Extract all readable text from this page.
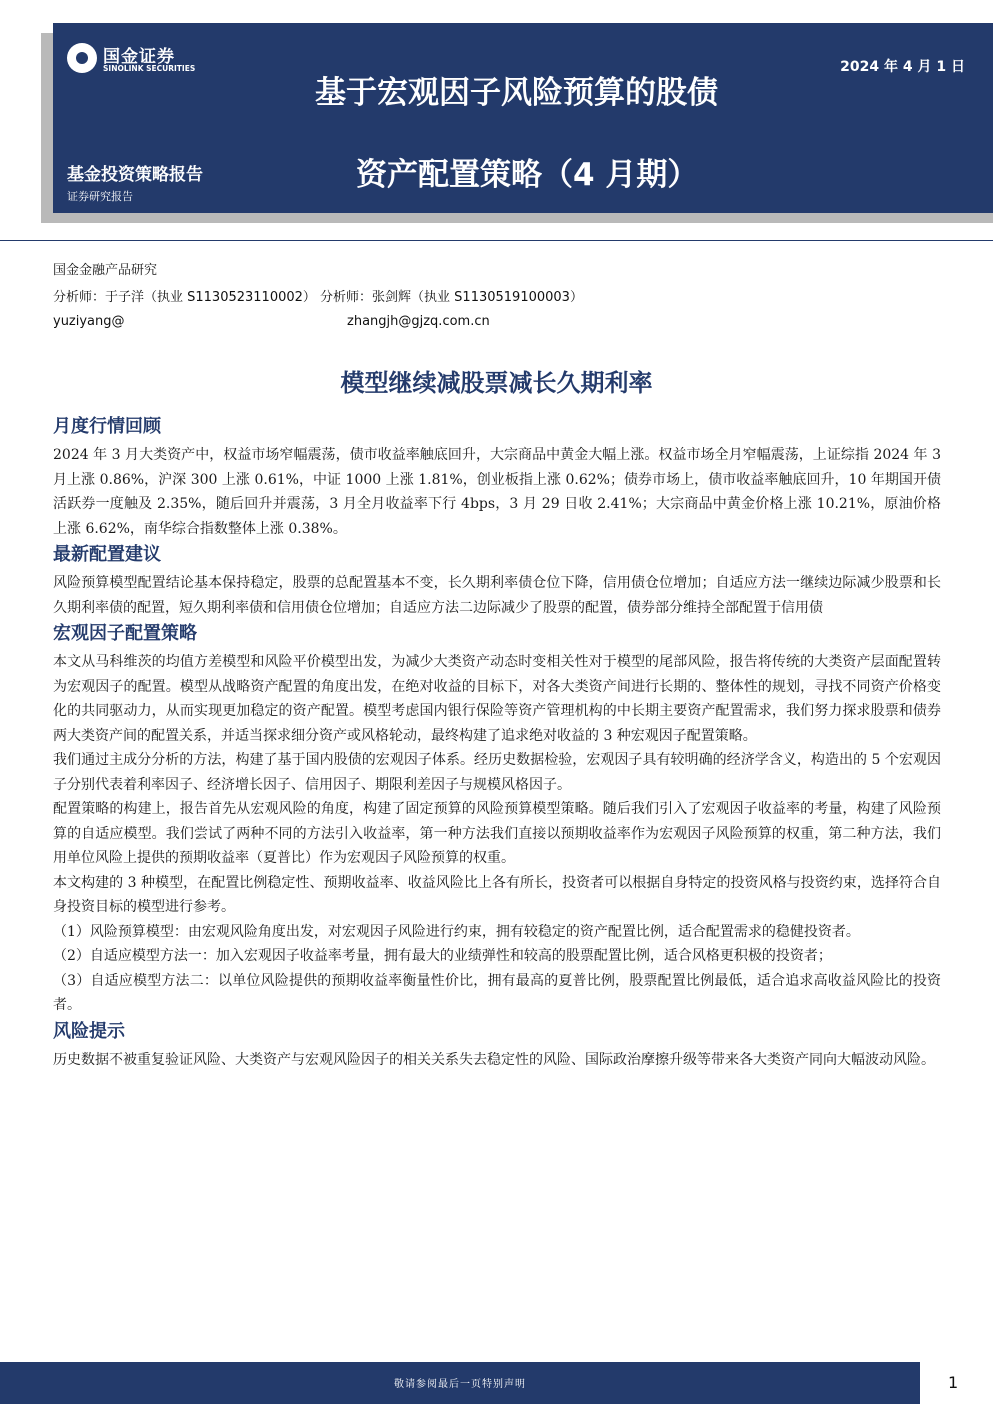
国金证券
SINOLINK SECURITIES	2024 年 4 月 1 日
基于宏观因子风险预算的股债
资产配置策略（4 月期）
基金投资策略报告
证券研究报告
国金金融产品研究
分析师：于子洋（执业 S1130523110002） 分析师：张剑辉（执业 S1130519100003）
yuziyang@	zhangjh@gjzq.com.cn
模型继续减股票减长久期利率
月度行情回顾

2024 年 3 月大类资产中，权益市场窄幅震荡，债市收益率触底回升，大宗商品中黄金大幅上涨。权益市场全月窄幅震荡，上证综指 2024 年 3 月上涨 0.86%，沪深 300 上涨 0.61%，中证 1000 上涨 1.81%，创业板指上涨 0.62%；债券市场上，债市收益率触底回升，10 年期国开债活跃券一度触及 2.35%，随后回升并震荡，3 月全月收益率下行 4bps，3 月 29 日收 2.41%；大宗商品中黄金价格上涨 10.21%，原油价格上涨 6.62%，南华综合指数整体上涨 0.38%。

最新配置建议

风险预算模型配置结论基本保持稳定，股票的总配置基本不变，长久期利率债仓位下降，信用债仓位增加；自适应方法一继续边际减少股票和长久期利率债的配置，短久期利率债和信用债仓位增加；自适应方法二边际减少了股票的配置，债券部分维持全部配置于信用债

宏观因子配置策略

本文从马科维茨的均值方差模型和风险平价模型出发，为减少大类资产动态时变相关性对于模型的尾部风险，报告将传统的大类资产层面配置转为宏观因子的配置。模型从战略资产配置的角度出发，在绝对收益的目标下，对各大类资产间进行长期的、整体性的规划，寻找不同资产价格变化的共同驱动力，从而实现更加稳定的资产配置。模型考虑国内银行保险等资产管理机构的中长期主要资产配置需求，我们努力探求股票和债券两大类资产间的配置关系，并适当探求细分资产或风格轮动，最终构建了追求绝对收益的 3 种宏观因子配置策略。

我们通过主成分分析的方法，构建了基于国内股债的宏观因子体系。经历史数据检验，宏观因子具有较明确的经济学含义，构造出的 5 个宏观因子分别代表着利率因子、经济增长因子、信用因子、期限利差因子与规模风格因子。

配置策略的构建上，报告首先从宏观风险的角度，构建了固定预算的风险预算模型策略。随后我们引入了宏观因子收益率的考量，构建了风险预算的自适应模型。我们尝试了两种不同的方法引入收益率，第一种方法我们直接以预期收益率作为宏观因子风险预算的权重，第二种方法，我们用单位风险上提供的预期收益率（夏普比）作为宏观因子风险预算的权重。

本文构建的 3 种模型，在配置比例稳定性、预期收益率、收益风险比上各有所长，投资者可以根据自身特定的投资风格与投资约束，选择符合自身投资目标的模型进行参考。

（1）风险预算模型：由宏观风险角度出发，对宏观因子风险进行约束，拥有较稳定的资产配置比例，适合配置需求的稳健投资者。

（2）自适应模型方法一：加入宏观因子收益率考量，拥有最大的业绩弹性和较高的股票配置比例，适合风格更积极的投资者；

（3）自适应模型方法二：以单位风险提供的预期收益率衡量性价比，拥有最高的夏普比例，股票配置比例最低，适合追求高收益风险比的投资者。

风险提示

历史数据不被重复验证风险、大类资产与宏观风险因子的相关关系失去稳定性的风险、国际政治摩擦升级等带来各大类资产同向大幅波动风险。

敬请参阅最后一页特别声明	1
